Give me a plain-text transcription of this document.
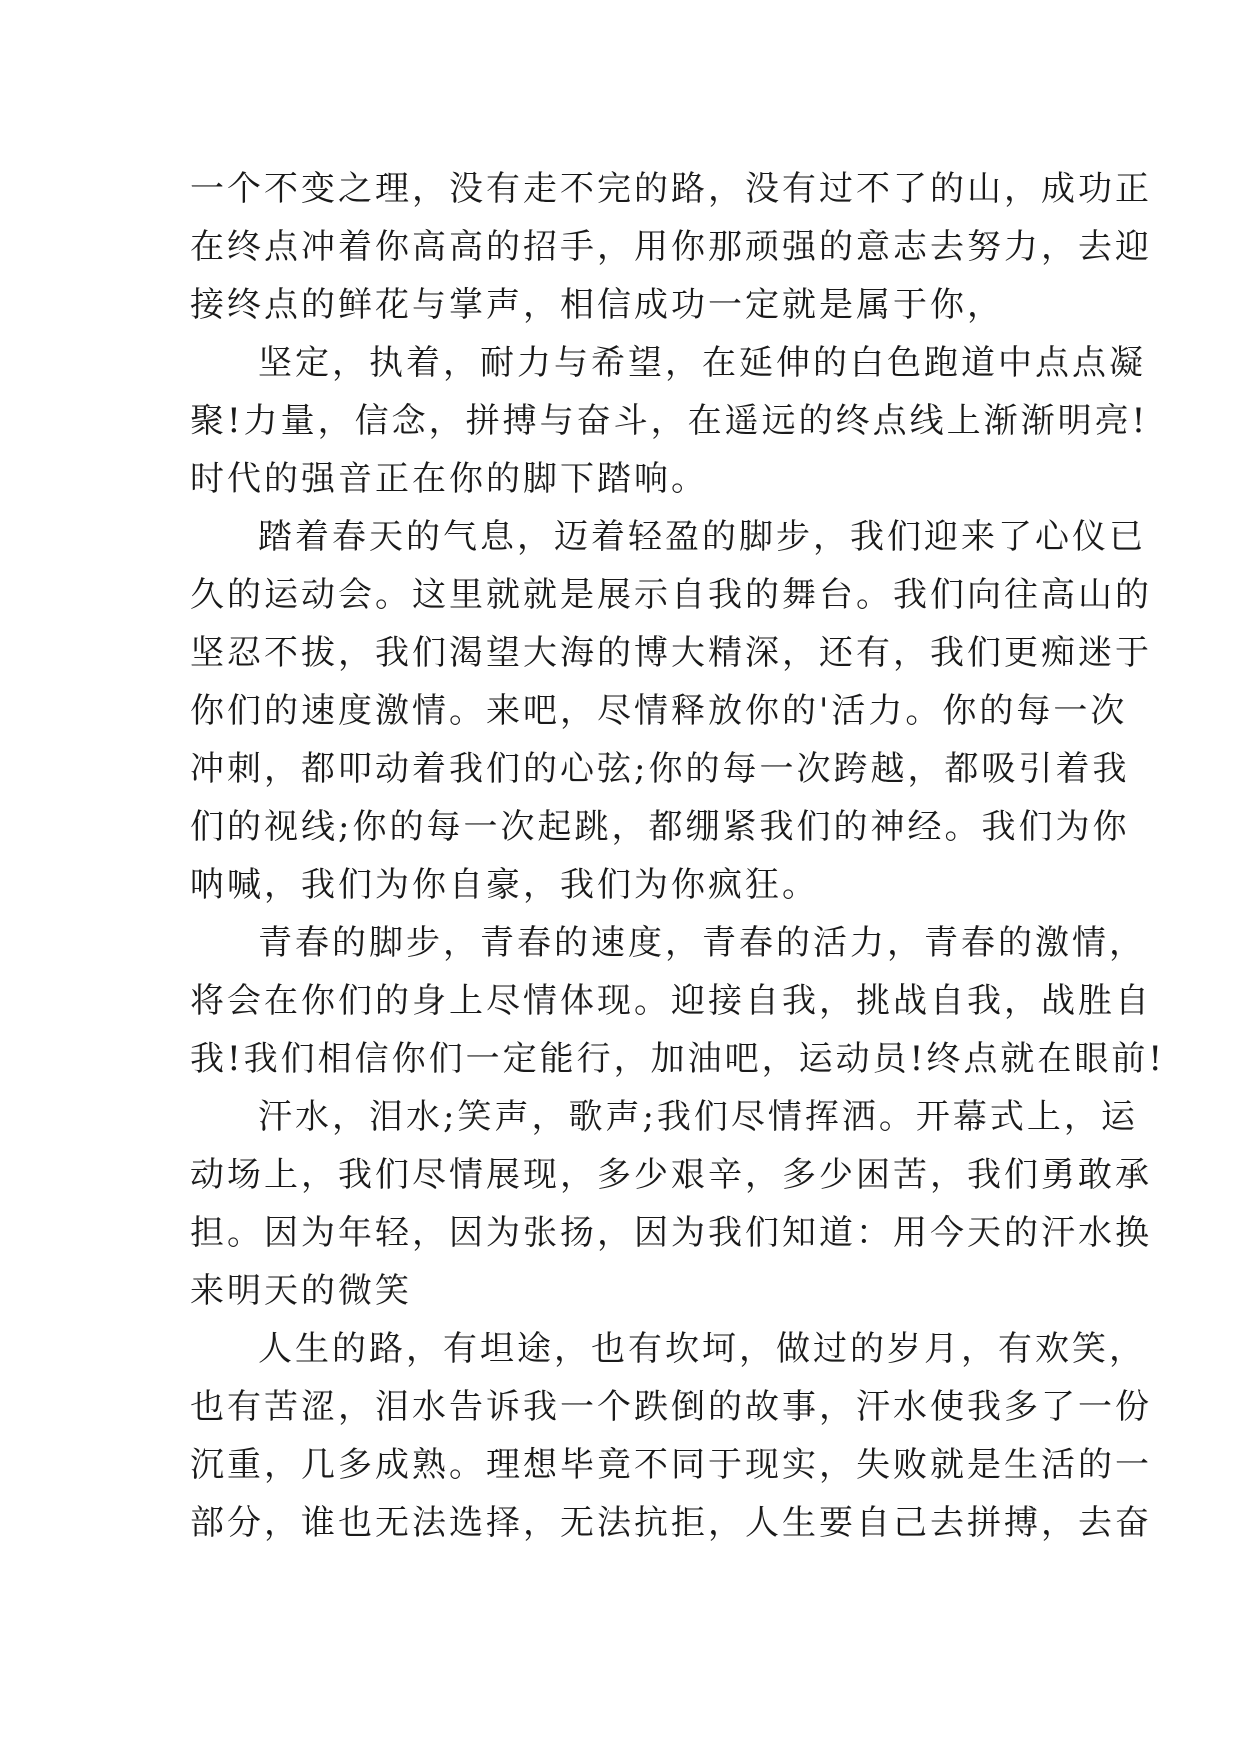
一个不变之理，没有走不完的路，没有过不了的山，成功正
在终点冲着你高高的招手，用你那顽强的意志去努力，去迎
接终点的鲜花与掌声，相信成功一定就是属于你，
坚定，执着，耐力与希望，在延伸的白色跑道中点点凝
聚!力量，信念，拼搏与奋斗，在遥远的终点线上渐渐明亮!
时代的强音正在你的脚下踏响。
踏着春天的气息，迈着轻盈的脚步，我们迎来了心仪已
久的运动会。这里就就是展示自我的舞台。我们向往高山的
坚忍不拔，我们渴望大海的博大精深，还有，我们更痴迷于
你们的速度激情。来吧，尽情释放你的'活力。你的每一次
冲刺，都叩动着我们的心弦;你的每一次跨越，都吸引着我
们的视线;你的每一次起跳，都绷紧我们的神经。我们为你
呐喊，我们为你自豪，我们为你疯狂。
青春的脚步，青春的速度，青春的活力，青春的激情，
将会在你们的身上尽情体现。迎接自我，挑战自我，战胜自
我!我们相信你们一定能行，加油吧，运动员!终点就在眼前!
汗水，泪水;笑声，歌声;我们尽情挥洒。开幕式上，运
动场上，我们尽情展现，多少艰辛，多少困苦，我们勇敢承
担。因为年轻，因为张扬，因为我们知道：用今天的汗水换
来明天的微笑
人生的路，有坦途，也有坎坷，做过的岁月，有欢笑，
也有苦涩，泪水告诉我一个跌倒的故事，汗水使我多了一份
沉重，几多成熟。理想毕竟不同于现实，失败就是生活的一
部分，谁也无法选择，无法抗拒，人生要自己去拼搏，去奋
